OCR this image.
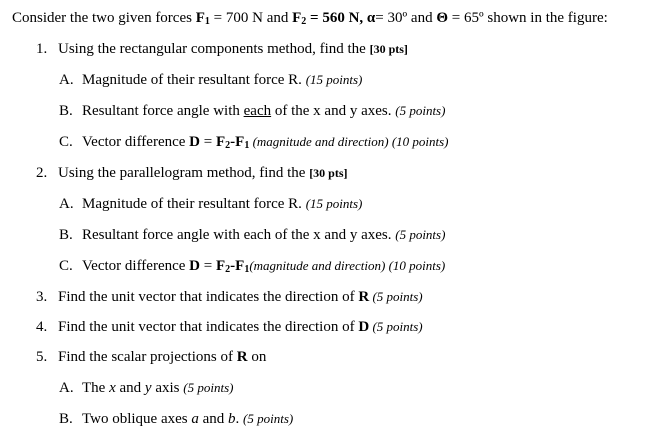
Consider the two given forces $F_1 = 700$ N and $F_2 = 560$ N, α= 30º and Θ = 65º shown in the figure:
1. Using the rectangular components method, find the [30 pts]
A. Magnitude of their resultant force R. (15 points)
B. Resultant force angle with each of the x and y axes. (5 points)
C. Vector difference $D = F_2-F_1$ (magnitude and direction) (10 points)
2. Using the parallelogram method, find the [30 pts]
A. Magnitude of their resultant force R. (15 points)
B. Resultant force angle with each of the x and y axes. (5 points)
C. Vector difference $D = F_2-F_1(magnitude$ and direction) (10 points)
3. Find the unit vector that indicates the direction of R (5 points)
4. Find the unit vector that indicates the direction of D (5 points)
5. Find the scalar projections of R on
A. The x and y axis (5 points)
B. Two oblique axes a and b. (5 points)
